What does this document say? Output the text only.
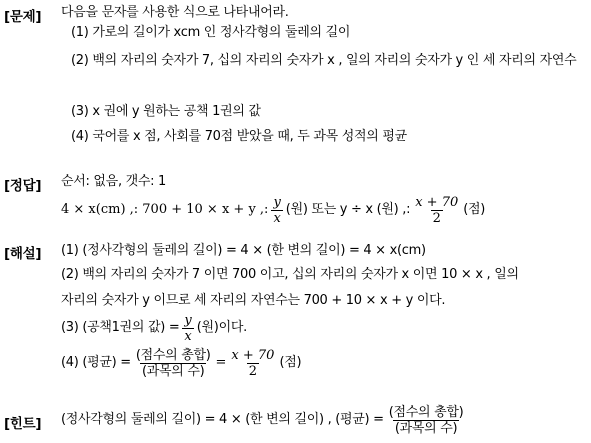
[문제] 다음을 문자를 사용한 식으로 나타내어라.
(1) 가로의 길이가 xcm 인 정사각형의 둘레의 길이
(2) 백의 자리의 숫자가 7, 십의 자리의 숫자가 x , 일의 자리의 숫자가 y 인 세 자리의 자연수
(3) x 권에 y 원하는 공책 1권의 값
(4) 국어를 x 점, 사회를 70점 받았을 때, 두 과목 성적의 평균
[정답] 순서: 없음, 갯수: 1
4 × x(cm) ,: 700 + 10 × x + y ,: $\frac{y}{x}$ (원) 또는 y ÷ x (원) ,: $\frac{x + 70}{2}$ (점)
[해설] (1) (정사각형의 둘레의 길이) = 4 × (한 변의 길이) = 4 × x(cm)
(2) 백의 자리의 숫자가 7 이면 700 이고, 십의 자리의 숫자가 x 이면 10 × x , 일의
자리의 숫자가 y 이므로 세 자리의 자연수는 700 + 10 × x + y 이다.
(3) (공책1권의 값) = $\frac{y}{x}$ (원)이다.
(4) (평균) = $\frac{\text{(점수의 총합)}}{\text{(과목의 수)}} = \frac{x + 70}{2}$ (점)
[힌트] (정사각형의 둘레의 길이) = 4 × (한 변의 길이) , (평균) = $\frac{\text{(점수의 총합)}}{\text{(과목의 수)}}$
